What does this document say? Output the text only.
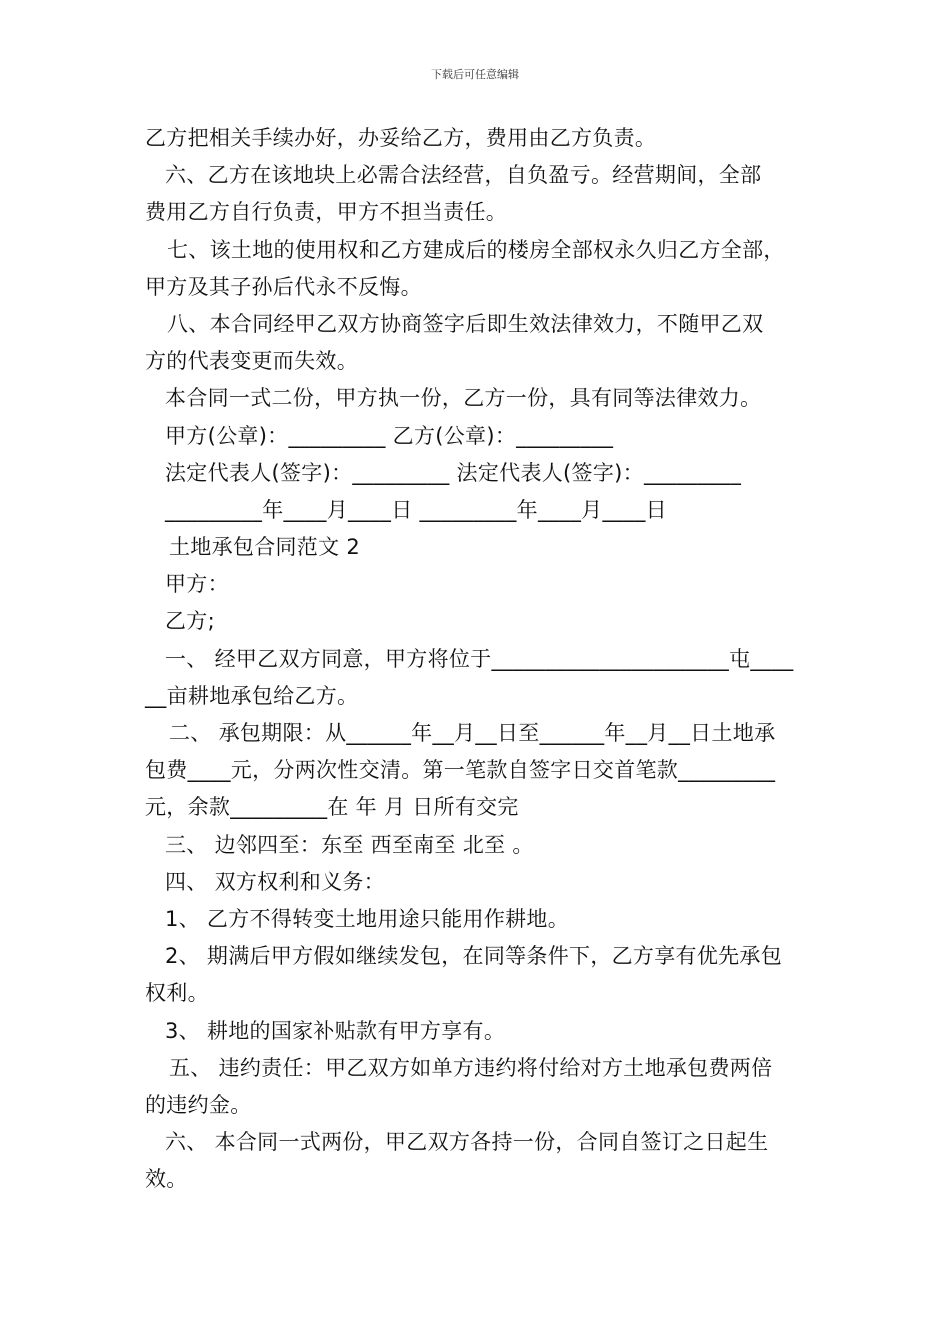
下载后可任意编辑
乙方把相关手续办好，办妥给乙方，费用由乙方负责。
六、乙方在该地块上必需合法经营，自负盈亏。经营期间，全部
费用乙方自行负责，甲方不担当责任。
七、该土地的使用权和乙方建成后的楼房全部权永久归乙方全部，
甲方及其子孙后代永不反悔。
八、本合同经甲乙双方协商签字后即生效法律效力，不随甲乙双
方的代表变更而失效。
本合同一式二份，甲方执一份，乙方一份，具有同等法律效力。
甲方(公章)：_________ 乙方(公章)：_________
法定代表人(签字)：_________ 法定代表人(签字)：_________
_________年____月____日 _________年____月____日
土地承包合同范文 2
甲方：
乙方;
一、 经甲乙双方同意，甲方将位于______________________屯____
__亩耕地承包给乙方。
二、 承包期限：从______年__月__日至______年__月__日土地承
包费____元，分两次性交清。第一笔款自签字日交首笔款_________
元，余款_________在 年 月 日所有交完
三、 边邻四至：东至 西至南至 北至 。
四、 双方权利和义务：
1、 乙方不得转变土地用途只能用作耕地。
2、 期满后甲方假如继续发包，在同等条件下，乙方享有优先承包
权利。
3、 耕地的国家补贴款有甲方享有。
五、 违约责任：甲乙双方如单方违约将付给对方土地承包费两倍
的违约金。
六、 本合同一式两份，甲乙双方各持一份，合同自签订之日起生
效。
